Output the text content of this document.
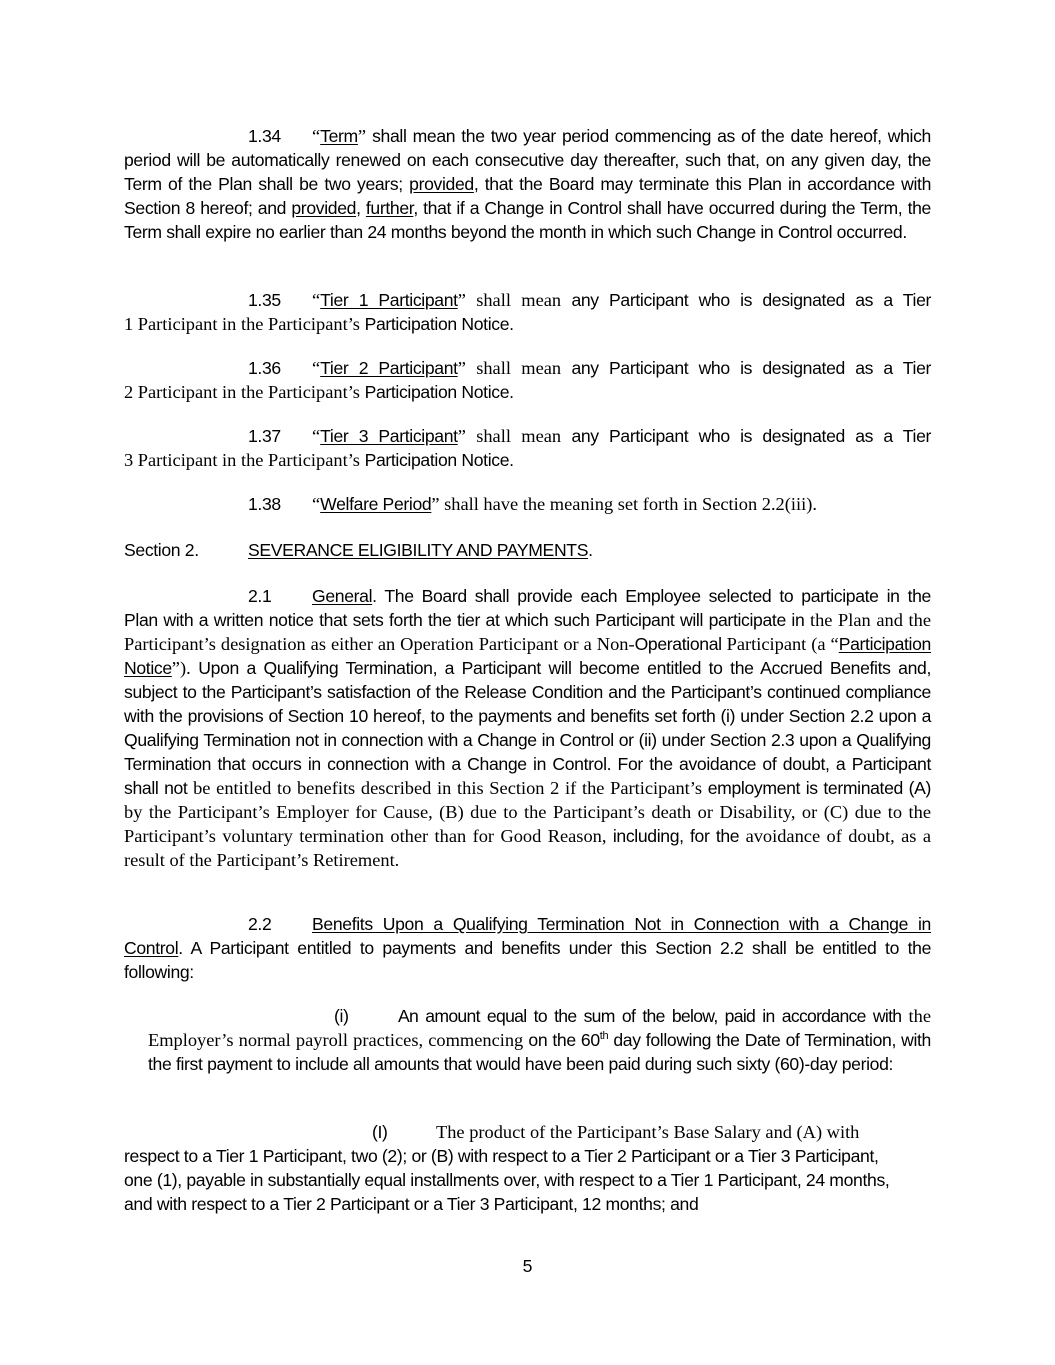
1.34 “Term” shall mean the two year period commencing as of the date hereof, which period will be automatically renewed on each consecutive day thereafter, such that, on any given day, the Term of the Plan shall be two years; provided, that the Board may terminate this Plan in accordance with Section 8 hereof; and provided, further, that if a Change in Control shall have occurred during the Term, the Term shall expire no earlier than 24 months beyond the month in which such Change in Control occurred.

1.35 “Tier 1 Participant” shall mean any Participant who is designated as a Tier

1 Participant in the Participant’s Participation Notice.

1.36 “Tier 2 Participant” shall mean any Participant who is designated as a Tier

2 Participant in the Participant’s Participation Notice.

1.37 “Tier 3 Participant” shall mean any Participant who is designated as a Tier

3 Participant in the Participant’s Participation Notice.

1.38 “Welfare Period” shall have the meaning set forth in Section 2.2(iii).

Section 2.	SEVERANCE ELIGIBILITY AND PAYMENTS.

2.1 General. The Board shall provide each Employee selected to participate in the Plan with a written notice that sets forth the tier at which such Participant will participate in the Plan and the Participant’s designation as either an Operation Participant or a Non-Operational Participant (a “Participation Notice”). Upon a Qualifying Termination, a Participant will become entitled to the Accrued Benefits and, subject to the Participant’s satisfaction of the Release Condition and the Participant’s continued compliance with the provisions of Section 10 hereof, to the payments and benefits set forth (i) under Section 2.2 upon a Qualifying Termination not in connection with a Change in Control or (ii) under Section 2.3 upon a Qualifying Termination that occurs in connection with a Change in Control. For the avoidance of doubt, a Participant shall not be entitled to benefits described in this Section 2 if the Participant’s employment is terminated (A) by the Participant’s Employer for Cause, (B) due to the Participant’s death or Disability, or (C) due to the Participant’s voluntary termination other than for Good Reason, including, for the avoidance of doubt, as a result of the Participant’s Retirement.

2.2 Benefits Upon a Qualifying Termination Not in Connection with a Change in Control. A Participant entitled to payments and benefits under this Section 2.2 shall be entitled to the following:

(i)	An amount equal to the sum of the below, paid in accordance with the Employer’s normal payroll practices, commencing on the 60th day following the Date of Termination, with the first payment to include all amounts that would have been paid during such sixty (60)-day period:

(I)	The product of the Participant’s Base Salary and (A) with
respect to a Tier 1 Participant, two (2); or (B) with respect to a Tier 2 Participant or a Tier 3 Participant, one (1), payable in substantially equal installments over, with respect to a Tier 1 Participant, 24 months, and with respect to a Tier 2 Participant or a Tier 3 Participant, 12 months; and

5
